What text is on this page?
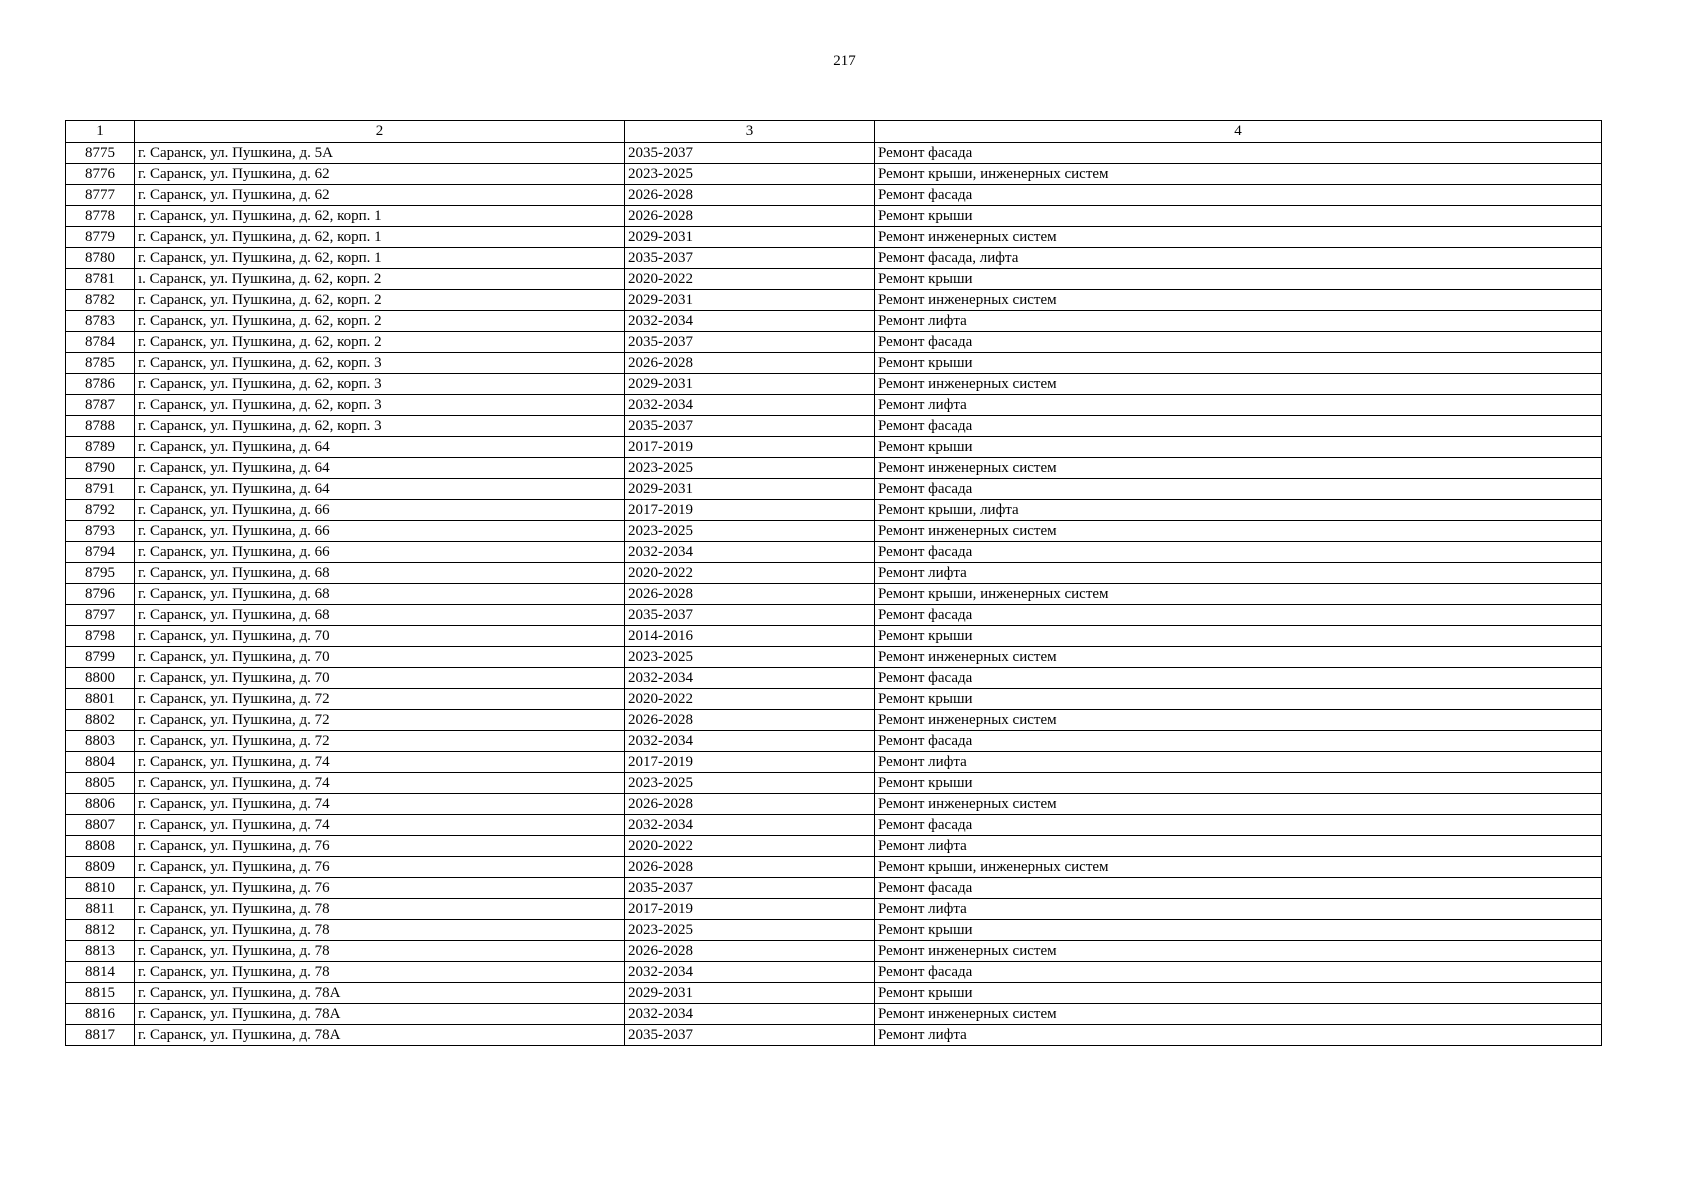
217
1	2	3	4
8775	г. Саранск, ул. Пушкина, д. 5А	2035-2037	Ремонт фасада
8776	г. Саранск, ул. Пушкина, д. 62	2023-2025	Ремонт крыши, инженерных систем
8777	г. Саранск, ул. Пушкина, д. 62	2026-2028	Ремонт фасада
8778	г. Саранск, ул. Пушкина, д. 62, корп. 1	2026-2028	Ремонт крыши
8779	г. Саранск, ул. Пушкина, д. 62, корп. 1	2029-2031	Ремонт инженерных систем
8780	г. Саранск, ул. Пушкина, д. 62, корп. 1	2035-2037	Ремонт фасада, лифта
8781	ı. Саранск, ул. Пушкина, д. 62, корп. 2	2020-2022	Ремонт крыши
8782	г. Саранск, ул. Пушкина, д. 62, корп. 2	2029-2031	Ремонт инженерных систем
8783	г. Саранск, ул. Пушкина, д. 62, корп. 2	2032-2034	Ремонт лифта
8784	г. Саранск, ул. Пушкина, д. 62, корп. 2	2035-2037	Ремонт фасада
8785	г. Саранск, ул. Пушкина, д. 62, корп. 3	2026-2028	Ремонт крыши
8786	г. Саранск, ул. Пушкина, д. 62, корп. 3	2029-2031	Ремонт инженерных систем
8787	г. Саранск, ул. Пушкина, д. 62, корп. 3	2032-2034	Ремонт лифта
8788	г. Саранск, ул. Пушкина, д. 62, корп. 3	2035-2037	Ремонт фасада
8789	г. Саранск, ул. Пушкина, д. 64	2017-2019	Ремонт крыши
8790	г. Саранск, ул. Пушкина, д. 64	2023-2025	Ремонт инженерных систем
8791	г. Саранск, ул. Пушкина, д. 64	2029-2031	Ремонт фасада
8792	г. Саранск, ул. Пушкина, д. 66	2017-2019	Ремонт крыши, лифта
8793	г. Саранск, ул. Пушкина, д. 66	2023-2025	Ремонт инженерных систем
8794	г. Саранск, ул. Пушкина, д. 66	2032-2034	Ремонт фасада
8795	г. Саранск, ул. Пушкина, д. 68	2020-2022	Ремонт лифта
8796	г. Саранск, ул. Пушкина, д. 68	2026-2028	Ремонт крыши, инженерных систем
8797	г. Саранск, ул. Пушкина, д. 68	2035-2037	Ремонт фасада
8798	г. Саранск, ул. Пушкина, д. 70	2014-2016	Ремонт крыши
8799	г. Саранск, ул. Пушкина, д. 70	2023-2025	Ремонт инженерных систем
8800	г. Саранск, ул. Пушкина, д. 70	2032-2034	Ремонт фасада
8801	г. Саранск, ул. Пушкина, д. 72	2020-2022	Ремонт крыши
8802	г. Саранск, ул. Пушкина, д. 72	2026-2028	Ремонт инженерных систем
8803	г. Саранск, ул. Пушкина, д. 72	2032-2034	Ремонт фасада
8804	г. Саранск, ул. Пушкина, д. 74	2017-2019	Ремонт лифта
8805	г. Саранск, ул. Пушкина, д. 74	2023-2025	Ремонт крыши
8806	г. Саранск, ул. Пушкина, д. 74	2026-2028	Ремонт инженерных систем
8807	г. Саранск, ул. Пушкина, д. 74	2032-2034	Ремонт фасада
8808	г. Саранск, ул. Пушкина, д. 76	2020-2022	Ремонт лифта
8809	г. Саранск, ул. Пушкина, д. 76	2026-2028	Ремонт крыши, инженерных систем
8810	г. Саранск, ул. Пушкина, д. 76	2035-2037	Ремонт фасада
8811	г. Саранск, ул. Пушкина, д. 78	2017-2019	Ремонт лифта
8812	г. Саранск, ул. Пушкина, д. 78	2023-2025	Ремонт крыши
8813	г. Саранск, ул. Пушкина, д. 78	2026-2028	Ремонт инженерных систем
8814	г. Саранск, ул. Пушкина, д. 78	2032-2034	Ремонт фасада
8815	г. Саранск, ул. Пушкина, д. 78А	2029-2031	Ремонт крыши
8816	г. Саранск, ул. Пушкина, д. 78А	2032-2034	Ремонт инженерных систем
8817	г. Саранск, ул. Пушкина, д. 78А	2035-2037	Ремонт лифта
